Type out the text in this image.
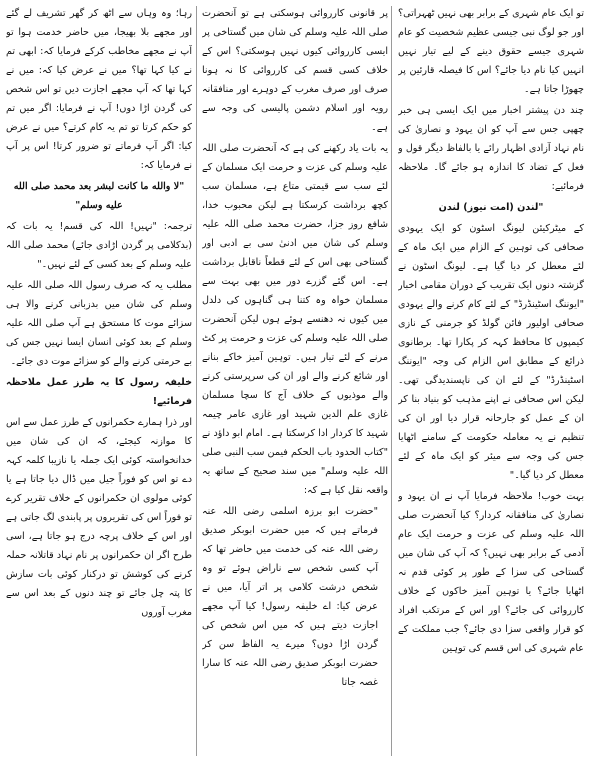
تو ایک عام شہری کے برابر بھی نہیں ٹھہراتی؟ اور جو لوگ نبی جیسی عظیم شخصیت کو عام شہری جیسے حقوق دینے کے لیے تیار نہیں انہیں کیا نام دیا جائے؟ اس کا فیصلہ قارئین پر چھوڑا جاتا ہے۔

چند دن پیشتر اخبار میں ایک ایسی ہی خبر چھپی جس سے آپ کو ان یہود و نصاریٰ کی نام نہاد آزادی اظہار رائے یا بالفاظ دیگر قول و فعل کے تضاد کا اندازہ ہو جائے گا۔ ملاحظہ فرمائیے:

"لندن (امت نیوز) لندن

کے میٹرکیئن لیونگ اسٹون کو ایک یہودی صحافی کی توہین کے الزام میں ایک ماہ کے لئے معطل کر دیا گیا ہے۔ لیونگ اسٹون نے گزشتہ دنوں ایک تقریب کے دوران مقامی اخبار "ایوننگ اسٹینڈرڈ" کے لئے کام کرنے والے یہودی صحافی اولیور فائن گولڈ کو جرمنی کے نازی کیمپوں کا محافظ کہہ کر پکارا تھا۔ برطانوی ذرائع کے مطابق اس الزام کی وجہ "ایوننگ اسٹینڈرڈ" کے لئے ان کی ناپسندیدگی تھی۔ لیکن اس صحافی نے اپنے مذہب کو بنیاد بنا کر ان کے عمل کو جارحانہ قرار دیا اور ان کی تنظیم نے یہ معاملہ حکومت کے سامنے اٹھایا جس کی وجہ سے میئر کو ایک ماہ کے لئے معطل کر دیا گیا۔"

بہت خوب! ملاحظہ فرمایا آپ نے ان یہود و نصاریٰ کی منافقانہ کردار؟ کیا آنحضرت صلی اللہ علیہ وسلم کی عزت و حرمت ایک عام آدمی کے برابر بھی نہیں؟ کہ آپ کی شان میں گستاخی کی سزا کے طور پر کوئی قدم نہ اٹھایا جائے؟ یا توہین آمیز خاکوں کے خلاف کارروائی کی جائے؟ اور اس کے مرتکب افراد کو قرار واقعی سزا دی جائے؟ جب مملکت کے عام شہری کی اس قسم کی توہین

پر قانونی کارروائی ہوسکتی ہے تو آنحضرت صلی اللہ علیہ وسلم کی شان میں گستاخی پر ایسی کارروائی کیوں نہیں ہوسکتی؟ اس کے خلاف کسی قسم کی کارروائی کا نہ ہونا صرف اور صرف مغرب کے دوہرے اور منافقانہ رویہ اور اسلام دشمن پالیسی کی وجہ سے ہے۔

یہ بات یاد رکھنے کی ہے کہ آنحضرت صلی اللہ علیہ وسلم کی عزت و حرمت ایک مسلمان کے لئے سب سے قیمتی متاع ہے، مسلمان سب کچھ برداشت کرسکتا ہے لیکن محبوب خدا، شافع روز جزا، حضرت محمد صلی اللہ علیہ وسلم کی شان میں ادنیٰ سی بے ادبی اور گستاخی بھی اس کے لئے قطعاً ناقابل برداشت ہے۔ اس گئے گزرے دور میں بھی بہت سے مسلمان خواہ وہ کتنا ہی گناہوں کی دلدل میں کیوں نہ دھنسے ہوئے ہوں لیکن آنحضرت صلی اللہ علیہ وسلم کی عزت و حرمت پر کٹ مرنے کے لئے تیار ہیں۔ توہین آمیز خاکے بنانے اور شائع کرنے والے اور ان کی سرپرستی کرنے والے موذیوں کے خلاف آج کا سچا مسلمان غازی علم الدین شہید اور غازی عامر چیمہ شہید کا کردار ادا کرسکتا ہے۔ امام ابو داؤد نے "کتاب الحدود باب الحکم فیمن سب النبی صلی اللہ علیہ وسلم" میں سند صحیح کے ساتھ یہ واقعہ نقل کیا ہے کہ:

"حضرت ابو برزہ اسلمی رضی اللہ عنہ فرماتے ہیں کہ میں حضرت ابوبکر صدیق رضی اللہ عنہ کی خدمت میں حاضر تھا کہ آپ کسی شخص سے ناراض ہوئے تو وہ شخص درشت کلامی پر اتر آیا، میں نے عرض کیا: اے خلیفہ رسول! کیا آپ مجھے اجازت دیتے ہیں کہ میں اس شخص کی گردن اڑا دوں؟ میرے یہ الفاظ سن کر حضرت ابوبکر صدیق رضی اللہ عنہ کا سارا غصہ جاتا

رہا؛ وہ وہاں سے اٹھ کر گھر تشریف لے گئے اور مجھے بلا بھیجا، میں حاضر خدمت ہوا تو آپ نے مجھے مخاطب کرکے فرمایا کہ: ابھی تم نے کیا کہا تھا؟ میں نے عرض کیا کہ: میں نے کہا تھا کہ آپ مجھے اجازت دیں تو اس شخص کی گردن اڑا دوں! آپ نے فرمایا: اگر میں تم کو حکم کرتا تو تم یہ کام کرتے؟ میں نے عرض کیا: اگر آپ فرماتے تو ضرور کرتا! اس پر آپ نے فرمایا کہ:

"لا والله ما كانت لبشر بعد محمد صلى الله عليه وسلم"

ترجمہ: "نہیں! اللہ کی قسم! یہ بات کہ (بدکلامی پر گردن اڑادی جائے) محمد صلی اللہ علیہ وسلم کے بعد کسی کے لئے نہیں۔"

مطلب یہ کہ صرف رسول اللہ صلی اللہ علیہ وسلم کی شان میں بدزبانی کرنے والا ہی سزائے موت کا مستحق ہے آپ صلی اللہ علیہ وسلم کے بعد کوئی انسان ایسا نہیں جس کی بے حرمتی کرنے والے کو سزائے موت دی جائے۔

خلیفہ رسول کا یہ طرز عمل ملاحظہ فرمائیے!

اور ذرا ہمارے حکمرانوں کے طرز عمل سے اس کا موازنہ کیجئے، کہ ان کی شان میں خدانخواستہ کوئی ایک جملہ یا نازیبا کلمہ کہہ دے تو اس کو فوراً جیل میں ڈال دیا جاتا ہے یا کوئی مولوی ان حکمرانوں کے خلاف تقریر کرے تو فوراً اس کی تقریروں پر پابندی لگ جاتی ہے اور اس کے خلاف پرچہ درج ہو جاتا ہے، اسی طرح اگر ان حکمرانوں پر نام نہاد قاتلانہ حملہ کرنے کی کوشش تو درکنار کوئی بات سازش کا پتہ چل جائے تو چند دنوں کے بعد اس سے مغرب آوروں
